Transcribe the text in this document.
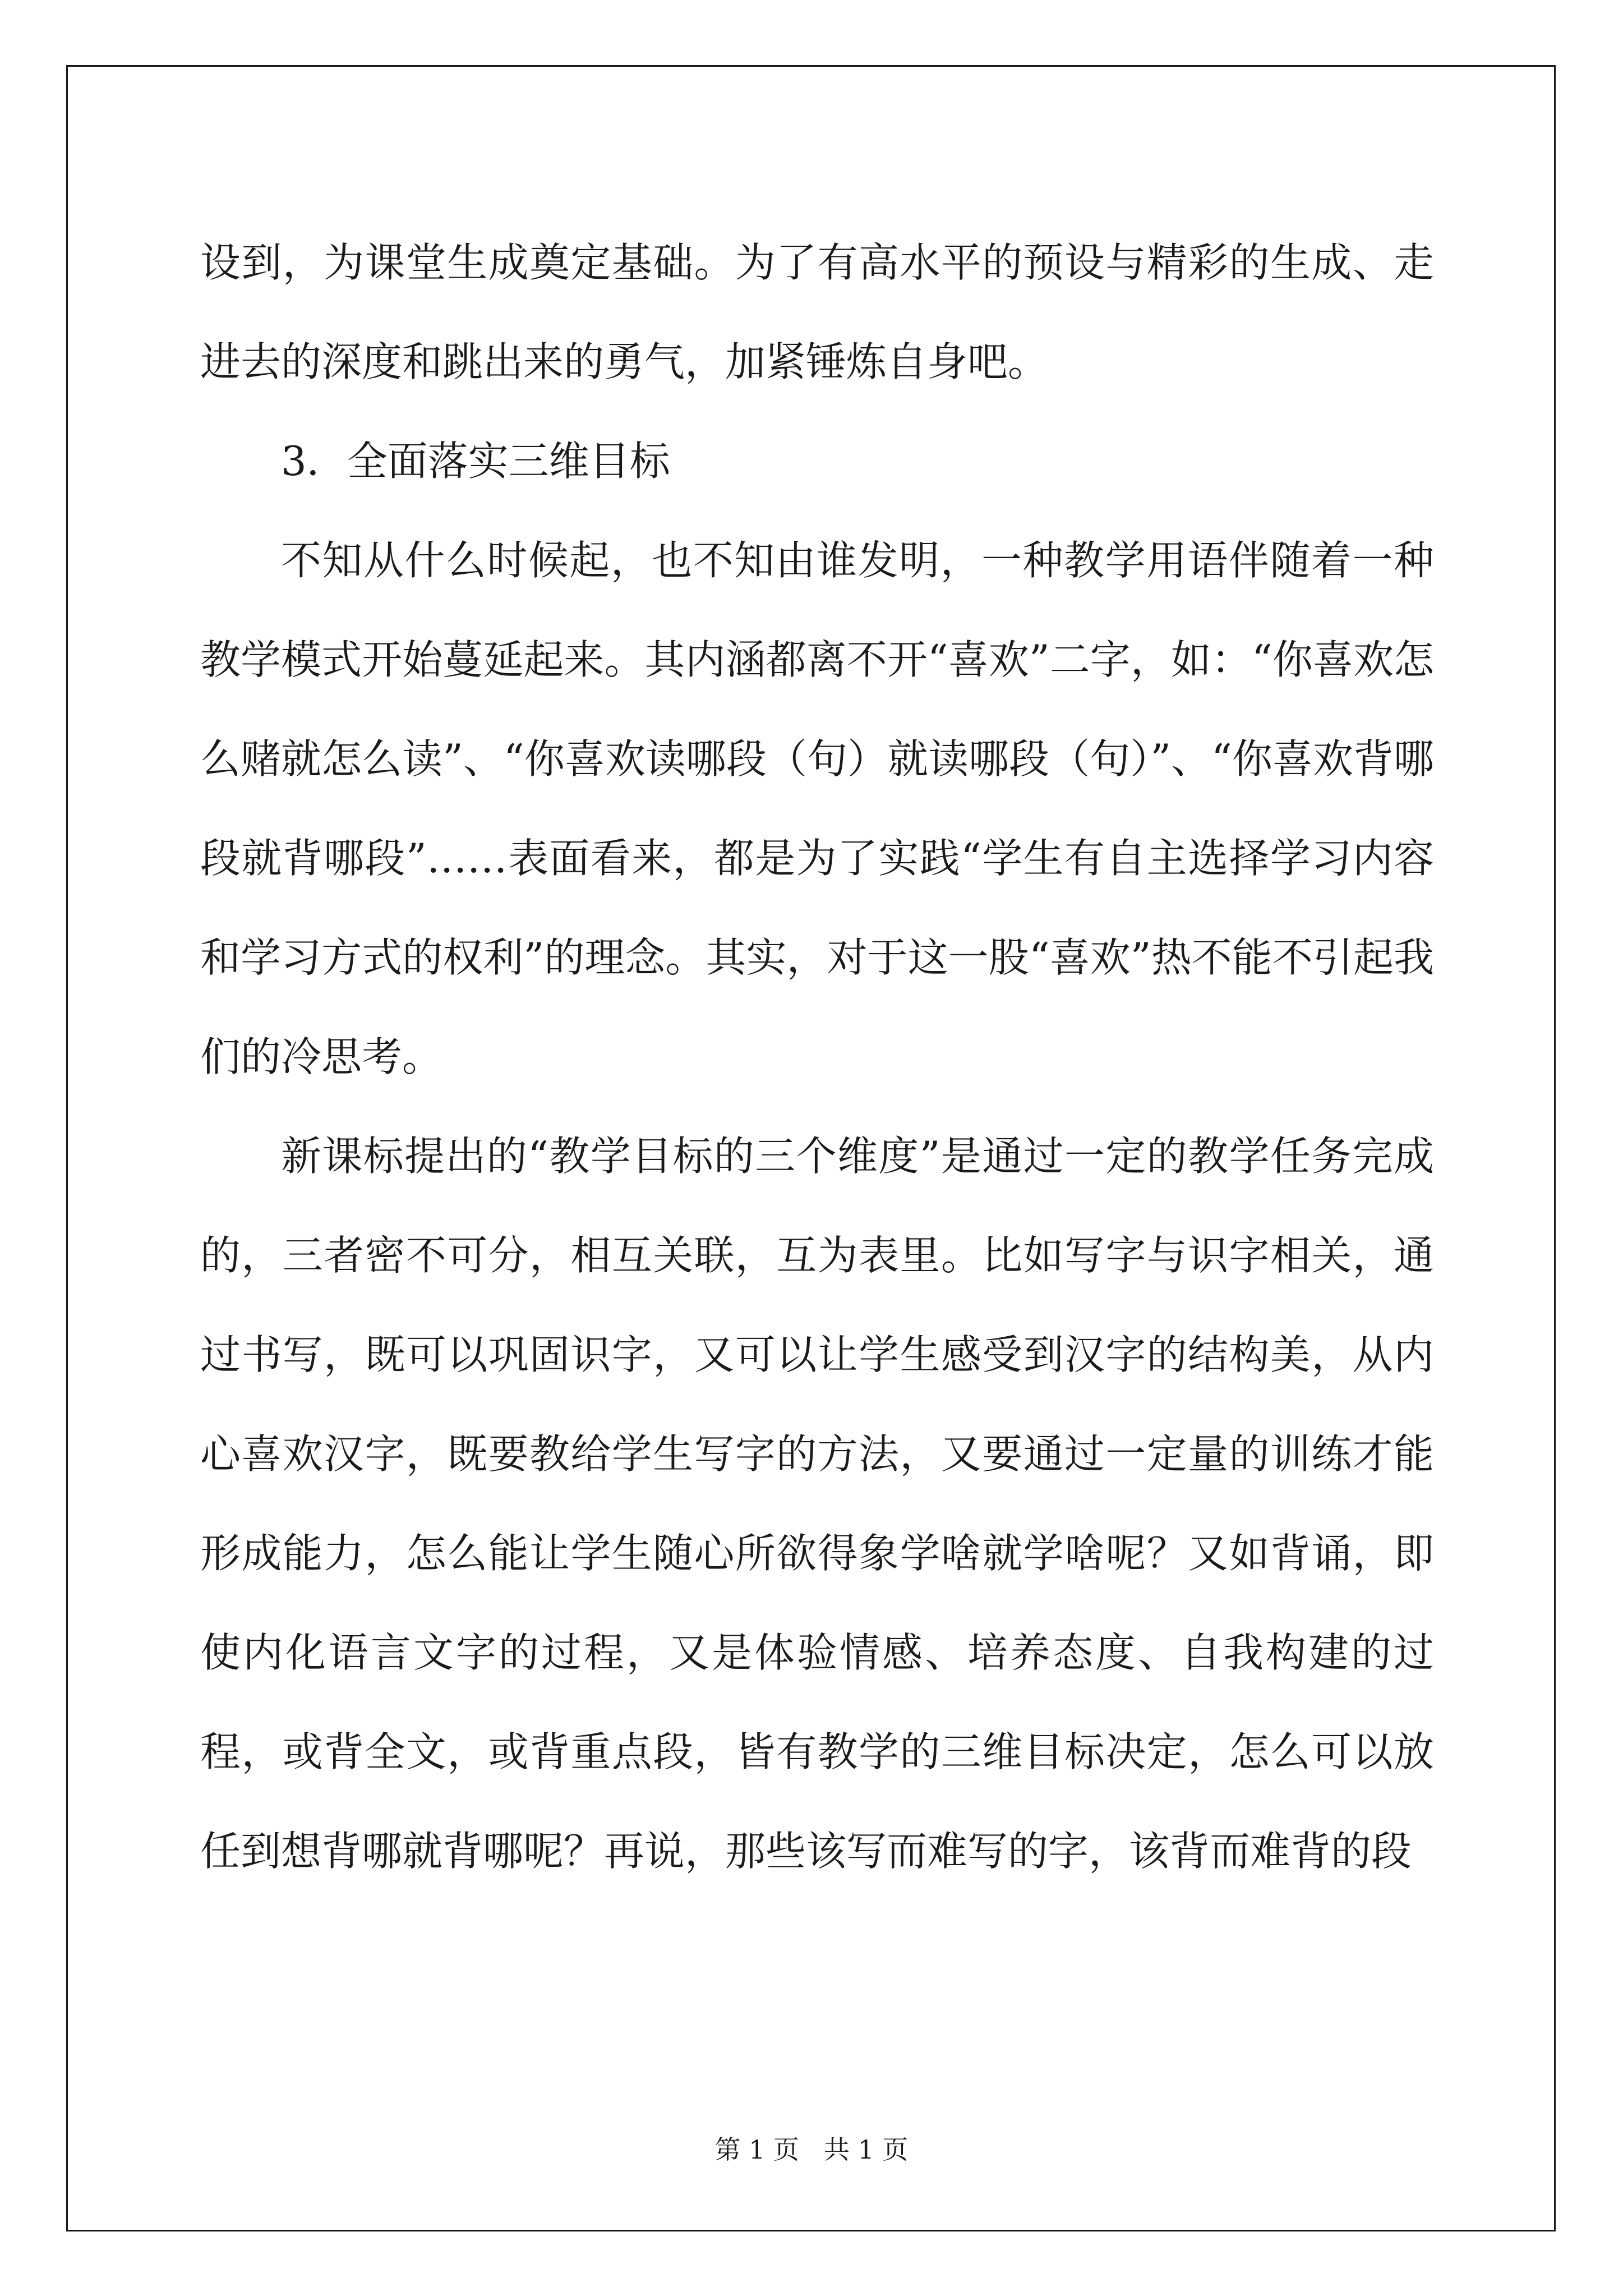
设到，为课堂生成奠定基础。为了有高水平的预设与精彩的生成、走进去的深度和跳出来的勇气，加紧锤炼自身吧。

3．全面落实三维目标

不知从什么时候起，也不知由谁发明，一种教学用语伴随着一种教学模式开始蔓延起来。其内涵都离不开“喜欢”二字，如：“你喜欢怎么赌就怎么读”、“你喜欢读哪段（句）就读哪段（句）”、“你喜欢背哪段就背哪段”……表面看来，都是为了实践“学生有自主选择学习内容和学习方式的权利”的理念。其实，对于这一股“喜欢”热不能不引起我们的冷思考。

新课标提出的“教学目标的三个维度”是通过一定的教学任务完成的，三者密不可分，相互关联，互为表里。比如写字与识字相关，通过书写，既可以巩固识字，又可以让学生感受到汉字的结构美，从内心喜欢汉字，既要教给学生写字的方法，又要通过一定量的训练才能形成能力，怎么能让学生随心所欲得象学啥就学啥呢？又如背诵，即使内化语言文字的过程，又是体验情感、培养态度、自我构建的过程，或背全文，或背重点段，皆有教学的三维目标决定，怎么可以放任到想背哪就背哪呢？再说，那些该写而难写的字，该背而难背的段

第 1 页   共 1 页
